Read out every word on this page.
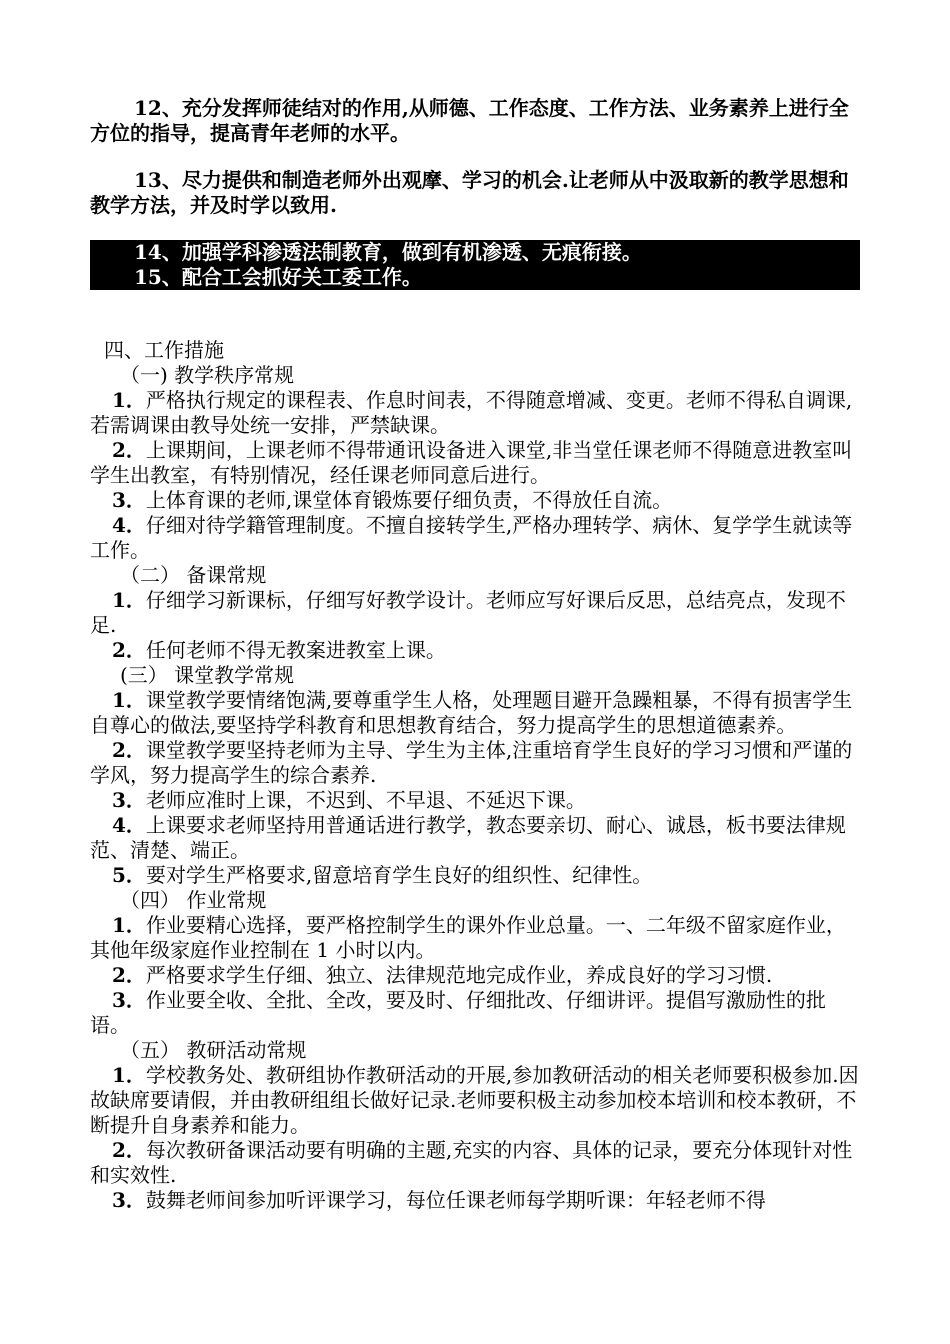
12、充分发挥师徒结对的作用,从师德、工作态度、工作方法、业务素养上进行全方位的指导，提高青年老师的水平。

13、尽力提供和制造老师外出观摩、学习的机会.让老师从中汲取新的教学思想和教学方法，并及时学以致用.

14、加强学科渗透法制教育，做到有机渗透、无痕衔接。

15、配合工会抓好关工委工作。

四、工作措施

（一) 教学秩序常规

1．严格执行规定的课程表、作息时间表，不得随意增减、变更。老师不得私自调课,若需调课由教导处统一安排，严禁缺课。

2．上课期间，上课老师不得带通讯设备进入课堂,非当堂任课老师不得随意进教室叫学生出教室，有特别情况，经任课老师同意后进行。

3．上体育课的老师,课堂体育锻炼要仔细负责，不得放任自流。

4．仔细对待学籍管理制度。不擅自接转学生,严格办理转学、病休、复学学生就读等工作。

（二） 备课常规

1．仔细学习新课标，仔细写好教学设计。老师应写好课后反思，总结亮点，发现不足.

2．任何老师不得无教案进教室上课。

(三） 课堂教学常规

1．课堂教学要情绪饱满,要尊重学生人格，处理题目避开急躁粗暴，不得有损害学生自尊心的做法,要坚持学科教育和思想教育结合，努力提高学生的思想道德素养。

2．课堂教学要坚持老师为主导、学生为主体,注重培育学生良好的学习习惯和严谨的学风，努力提高学生的综合素养.

3．老师应准时上课，不迟到、不早退、不延迟下课。

4．上课要求老师坚持用普通话进行教学，教态要亲切、耐心、诚恳，板书要法律规范、清楚、端正。

5．要对学生严格要求,留意培育学生良好的组织性、纪律性。

（四） 作业常规

1．作业要精心选择，要严格控制学生的课外作业总量。一、二年级不留家庭作业，其他年级家庭作业控制在 1 小时以内。

2．严格要求学生仔细、独立、法律规范地完成作业，养成良好的学习习惯.

3．作业要全收、全批、全改，要及时、仔细批改、仔细讲评。提倡写激励性的批语。

（五） 教研活动常规

1．学校教务处、教研组协作教研活动的开展,参加教研活动的相关老师要积极参加.因故缺席要请假，并由教研组组长做好记录.老师要积极主动参加校本培训和校本教研，不断提升自身素养和能力。

2．每次教研备课活动要有明确的主题,充实的内容、具体的记录，要充分体现针对性和实效性.

3．鼓舞老师间参加听评课学习，每位任课老师每学期听课：年轻老师不得
